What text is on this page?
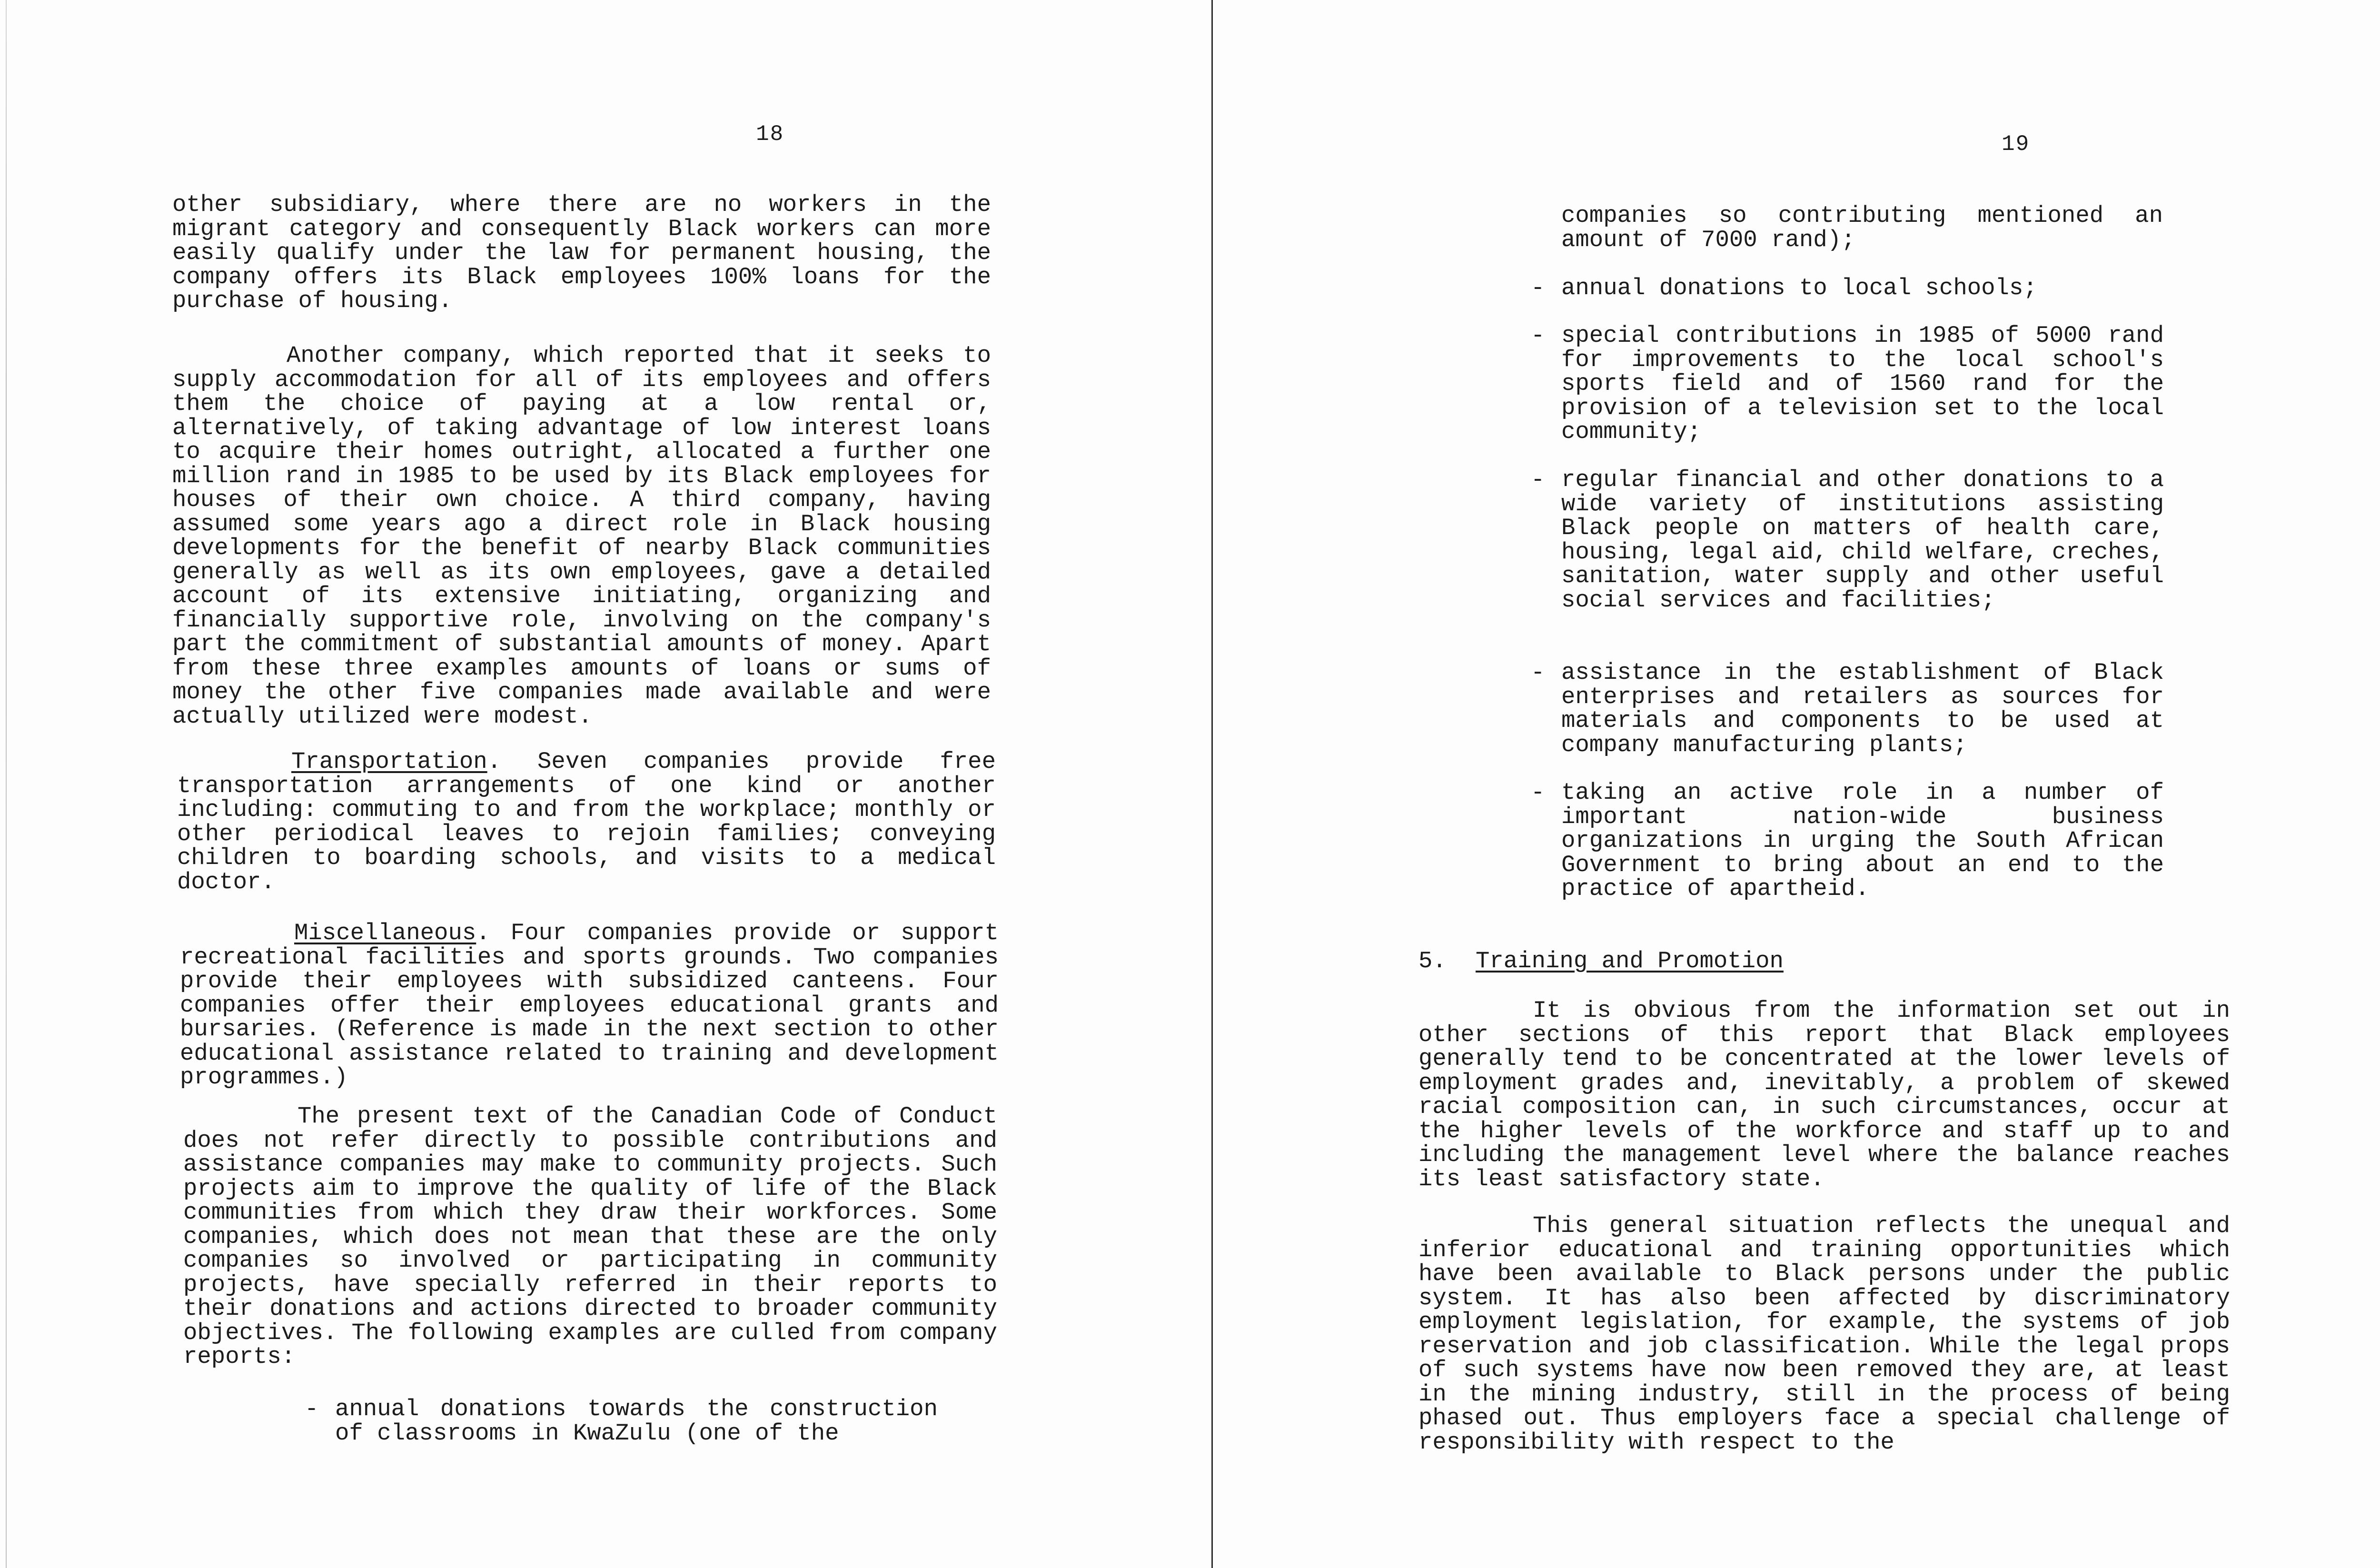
18

other subsidiary, where there are no workers in the migrant category and consequently Black workers can more easily qualify under the law for permanent housing, the company offers its Black employees 100% loans for the purchase of housing.

Another company, which reported that it seeks to supply accommodation for all of its employees and offers them the choice of paying at a low rental or, alternatively, of taking advantage of low interest loans to acquire their homes outright, allocated a further one million rand in 1985 to be used by its Black employees for houses of their own choice. A third company, having assumed some years ago a direct role in Black housing developments for the benefit of nearby Black communities generally as well as its own employees, gave a detailed account of its extensive initiating, organizing and financially supportive role, involving on the company's part the commitment of substantial amounts of money. Apart from these three examples amounts of loans or sums of money the other five companies made available and were actually utilized were modest.

Transportation. Seven companies provide free transportation arrangements of one kind or another including: commuting to and from the workplace; monthly or other periodical leaves to rejoin families; conveying children to boarding schools, and visits to a medical doctor.

Miscellaneous. Four companies provide or support recreational facilities and sports grounds. Two companies provide their employees with subsidized canteens. Four companies offer their employees educational grants and bursaries. (Reference is made in the next section to other educational assistance related to training and development programmes.)

The present text of the Canadian Code of Conduct does not refer directly to possible contributions and assistance companies may make to community projects. Such projects aim to improve the quality of life of the Black communities from which they draw their workforces. Some companies, which does not mean that these are the only companies so involved or participating in community projects, have specially referred in their reports to their donations and actions directed to broader community objectives. The following examples are culled from company reports:

- annual donations towards the construction of classrooms in KwaZulu (one of the
19

companies so contributing mentioned an amount of 7000 rand);

- annual donations to local schools;
- special contributions in 1985 of 5000 rand for improvements to the local school's sports field and of 1560 rand for the provision of a television set to the local community;
- regular financial and other donations to a wide variety of institutions assisting Black people on matters of health care, housing, legal aid, child welfare, creches, sanitation, water supply and other useful social services and facilities;
- assistance in the establishment of Black enterprises and retailers as sources for materials and components to be used at company manufacturing plants;
- taking an active role in a number of important nation-wide business organizations in urging the South African Government to bring about an end to the practice of apartheid.
5. Training and Promotion

It is obvious from the information set out in other sections of this report that Black employees generally tend to be concentrated at the lower levels of employment grades and, inevitably, a problem of skewed racial composition can, in such circumstances, occur at the higher levels of the workforce and staff up to and including the management level where the balance reaches its least satisfactory state.

This general situation reflects the unequal and inferior educational and training opportunities which have been available to Black persons under the public system. It has also been affected by discriminatory employment legislation, for example, the systems of job reservation and job classification. While the legal props of such systems have now been removed they are, at least in the mining industry, still in the process of being phased out. Thus employers face a special challenge of responsibility with respect to the
